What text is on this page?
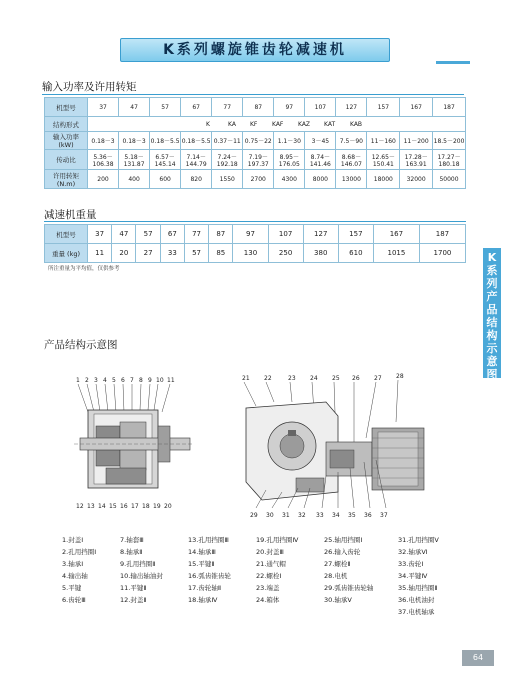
K系列螺旋锥齿轮减速机
输入功率及许用转矩
机型号	37	47	57	67	77	87	97	107	127	157	167	187
结构形式	K KA KF KAF KAZ KAT KAB											
输入功率 (kW)	0.18－3	0.18－3	0.18－5.5	0.18－5.5	0.37－11	0.75－22	1.1－30	3－45	7.5－90	11－160	11－200	18.5－200
传动比	5.36－106.38	5.18－131.87	6.57－145.14	7.14－144.79	7.24－192.18	7.19－197.37	8.95－176.05	8.74－141.46	8.68－146.07	12.65－150.41	17.28－163.91	17.27－180.18
许用转矩 (N.m)	200	400	600	820	1550	2700	4300	8000	13000	18000	32000	50000
减速机重量
机型号	37	47	57	67	77	87	97	107	127	157	167	187
重量 (kg)	11	20	27	33	57	85	130	250	380	610	1015	1700
所注重量为平均值，仅供参考
K
系
列
产
品
结
构
示
意
图
产品结构示意图
1 2 3 4 5 6 7 8 9 10 11
12 13 14 15 16 17 18 19 20
21 22	23 24 25 26 27 28
29 30 31 32 33 34 35 36 37
1.封盖Ⅰ
2.孔用挡圈Ⅰ
3.轴承Ⅰ
4.输出轴
5.平键
6.齿轮Ⅲ
7.轴套Ⅲ
8.轴承Ⅱ
9.孔用挡圈Ⅱ
10.输出轴油封
11.平键Ⅱ
12.封盖Ⅱ
13.孔用挡圈Ⅲ
14.轴承Ⅲ
15.平键Ⅱ
16.弧齿锥齿轮
17.齿轮轴Ⅱ
18.轴承Ⅳ
19.孔用挡圈Ⅳ
20.封盖Ⅲ
21.通气帽
22.螺栓Ⅰ
23.端盖
24.箱体
25.轴用挡圈Ⅰ
26.输入齿轮
27.螺栓Ⅱ
28.电机
29.弧齿锥齿轮轴
30.轴承Ⅴ
31.孔用挡圈Ⅴ
32.轴承Ⅵ
33.齿轮Ⅰ
34.平键Ⅳ
35.轴用挡圈Ⅱ
36.电机油封
37.电机轴承
64
